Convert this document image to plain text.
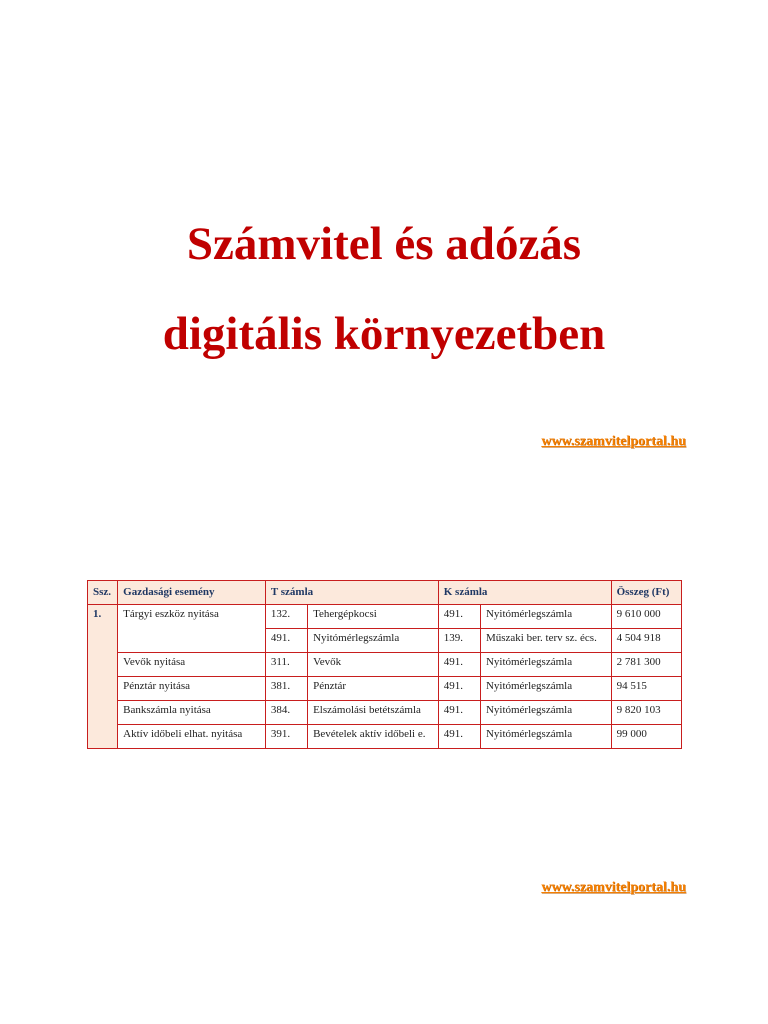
Számvitel és adózás
digitális környezetben
www.szamvitelportal.hu
Ssz.	Gazdasági esemény	T számla		K számla		Összeg (Ft)
1.	Tárgyi eszköz nyitása	132.	Tehergépkocsi	491.	Nyitómérlegszámla	9 610 000
		491.	Nyitómérlegszámla	139.	Műszaki ber. terv sz. écs.	4 504 918
	Vevők nyitása	311.	Vevők	491.	Nyitómérlegszámla	2 781 300
	Pénztár nyitása	381.	Pénztár	491.	Nyitómérlegszámla	94 515
	Bankszámla nyitása	384.	Elszámolási betétszámla	491.	Nyitómérlegszámla	9 820 103
	Aktív időbeli elhat. nyitása	391.	Bevételek aktív időbeli e.	491.	Nyitómérlegszámla	99 000
www.szamvitelportal.hu
